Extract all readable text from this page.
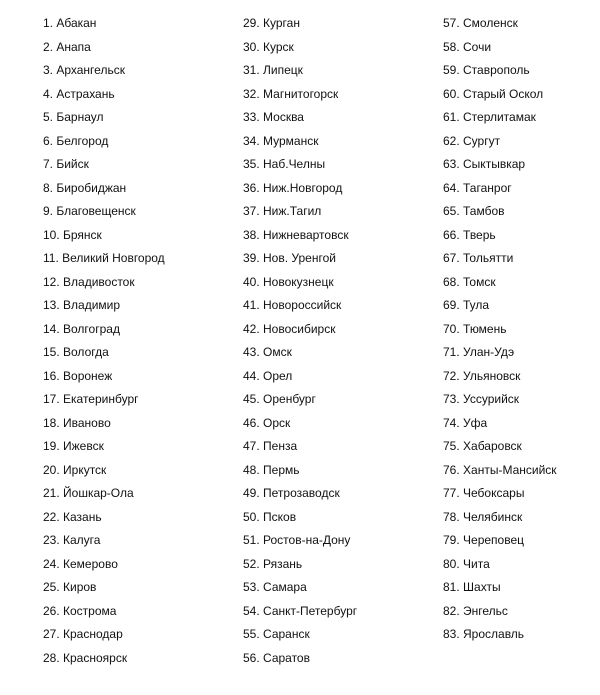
1. Абакан
2. Анапа
3. Архангельск
4. Астрахань
5. Барнаул
6. Белгород
7. Бийск
8. Биробиджан
9. Благовещенск
10. Брянск
11. Великий Новгород
12. Владивосток
13. Владимир
14. Волгоград
15. Вологда
16. Воронеж
17. Екатеринбург
18. Иваново
19. Ижевск
20. Иркутск
21. Йошкар-Ола
22. Казань
23. Калуга
24. Кемерово
25. Киров
26. Кострома
27. Краснодар
28. Красноярск
29. Курган
30. Курск
31. Липецк
32. Магнитогорск
33. Москва
34. Мурманск
35. Наб.Челны
36. Ниж.Новгород
37. Ниж.Тагил
38. Нижневартовск
39. Нов. Уренгой
40. Новокузнецк
41. Новороссийск
42. Новосибирск
43. Омск
44. Орел
45. Оренбург
46. Орск
47. Пенза
48. Пермь
49. Петрозаводск
50. Псков
51. Ростов-на-Дону
52. Рязань
53. Самара
54. Санкт-Петербург
55. Саранск
56. Саратов
57. Смоленск
58. Сочи
59. Ставрополь
60. Старый Оскол
61. Стерлитамак
62. Сургут
63. Сыктывкар
64. Таганрог
65. Тамбов
66. Тверь
67. Тольятти
68. Томск
69. Тула
70. Тюмень
71. Улан-Удэ
72. Ульяновск
73. Уссурийск
74. Уфа
75. Хабаровск
76. Ханты-Мансийск
77. Чебоксары
78. Челябинск
79. Череповец
80. Чита
81. Шахты
82. Энгельс
83. Ярославль
